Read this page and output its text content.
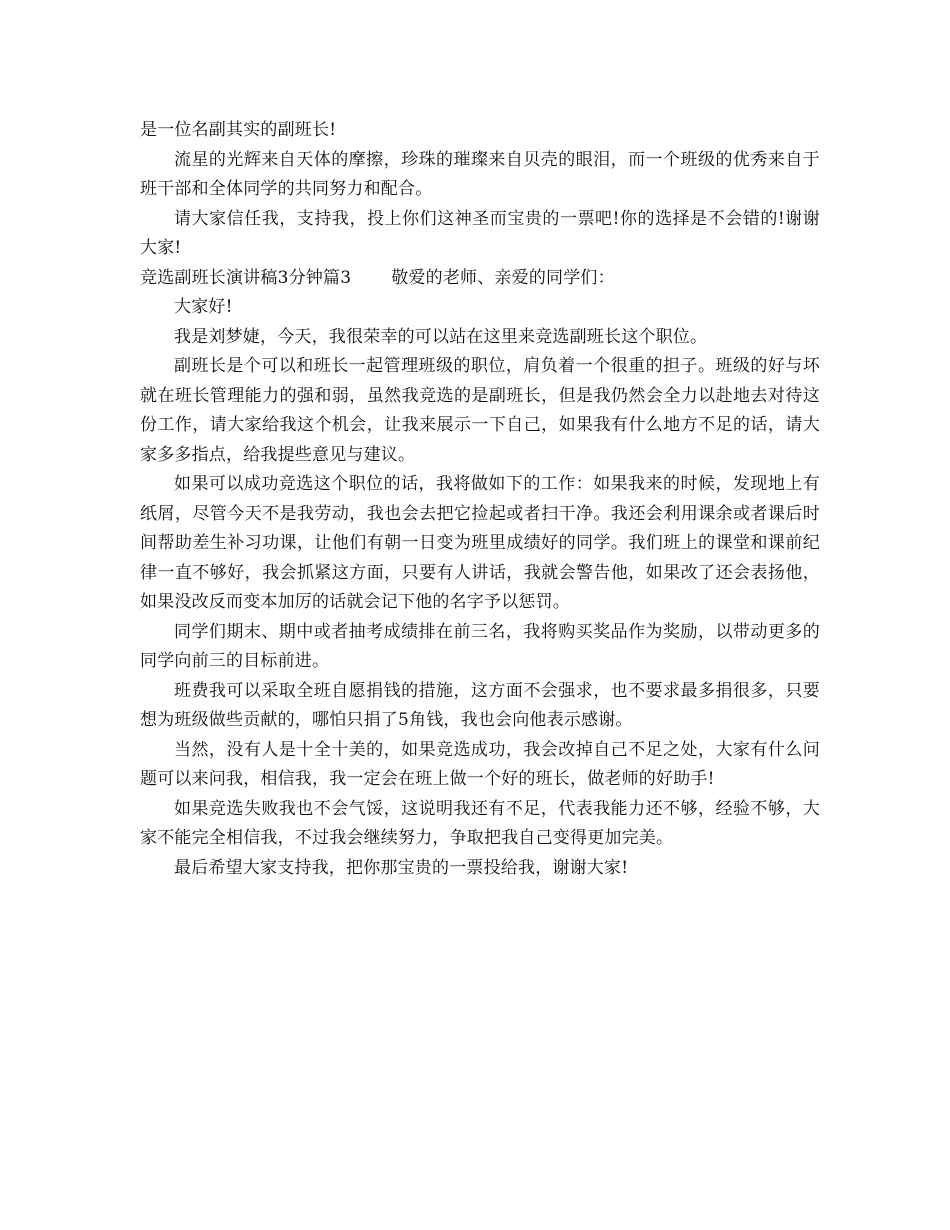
是一位名副其实的副班长!

流星的光辉来自天体的摩擦，珍珠的璀璨来自贝壳的眼泪，而一个班级的优秀来自于班干部和全体同学的共同努力和配合。

请大家信任我，支持我，投上你们这神圣而宝贵的一票吧!你的选择是不会错的!谢谢大家!

竞选副班长演讲稿3分钟篇3 敬爱的老师、亲爱的同学们：

大家好!

我是刘梦婕，今天，我很荣幸的可以站在这里来竞选副班长这个职位。

副班长是个可以和班长一起管理班级的职位，肩负着一个很重的担子。班级的好与坏就在班长管理能力的强和弱，虽然我竞选的是副班长，但是我仍然会全力以赴地去对待这份工作，请大家给我这个机会，让我来展示一下自己，如果我有什么地方不足的话，请大家多多指点，给我提些意见与建议。

如果可以成功竞选这个职位的话，我将做如下的工作：如果我来的时候，发现地上有纸屑，尽管今天不是我劳动，我也会去把它捡起或者扫干净。我还会利用课余或者课后时间帮助差生补习功课，让他们有朝一日变为班里成绩好的同学。我们班上的课堂和课前纪律一直不够好，我会抓紧这方面，只要有人讲话，我就会警告他，如果改了还会表扬他，如果没改反而变本加厉的话就会记下他的名字予以惩罚。

同学们期末、期中或者抽考成绩排在前三名，我将购买奖品作为奖励，以带动更多的同学向前三的目标前进。

班费我可以采取全班自愿捐钱的措施，这方面不会强求，也不要求最多捐很多，只要想为班级做些贡献的，哪怕只捐了5角钱，我也会向他表示感谢。

当然，没有人是十全十美的，如果竞选成功，我会改掉自己不足之处，大家有什么问题可以来问我，相信我，我一定会在班上做一个好的班长，做老师的好助手!

如果竞选失败我也不会气馁，这说明我还有不足，代表我能力还不够，经验不够，大家不能完全相信我，不过我会继续努力，争取把我自己变得更加完美。

最后希望大家支持我，把你那宝贵的一票投给我，谢谢大家!
